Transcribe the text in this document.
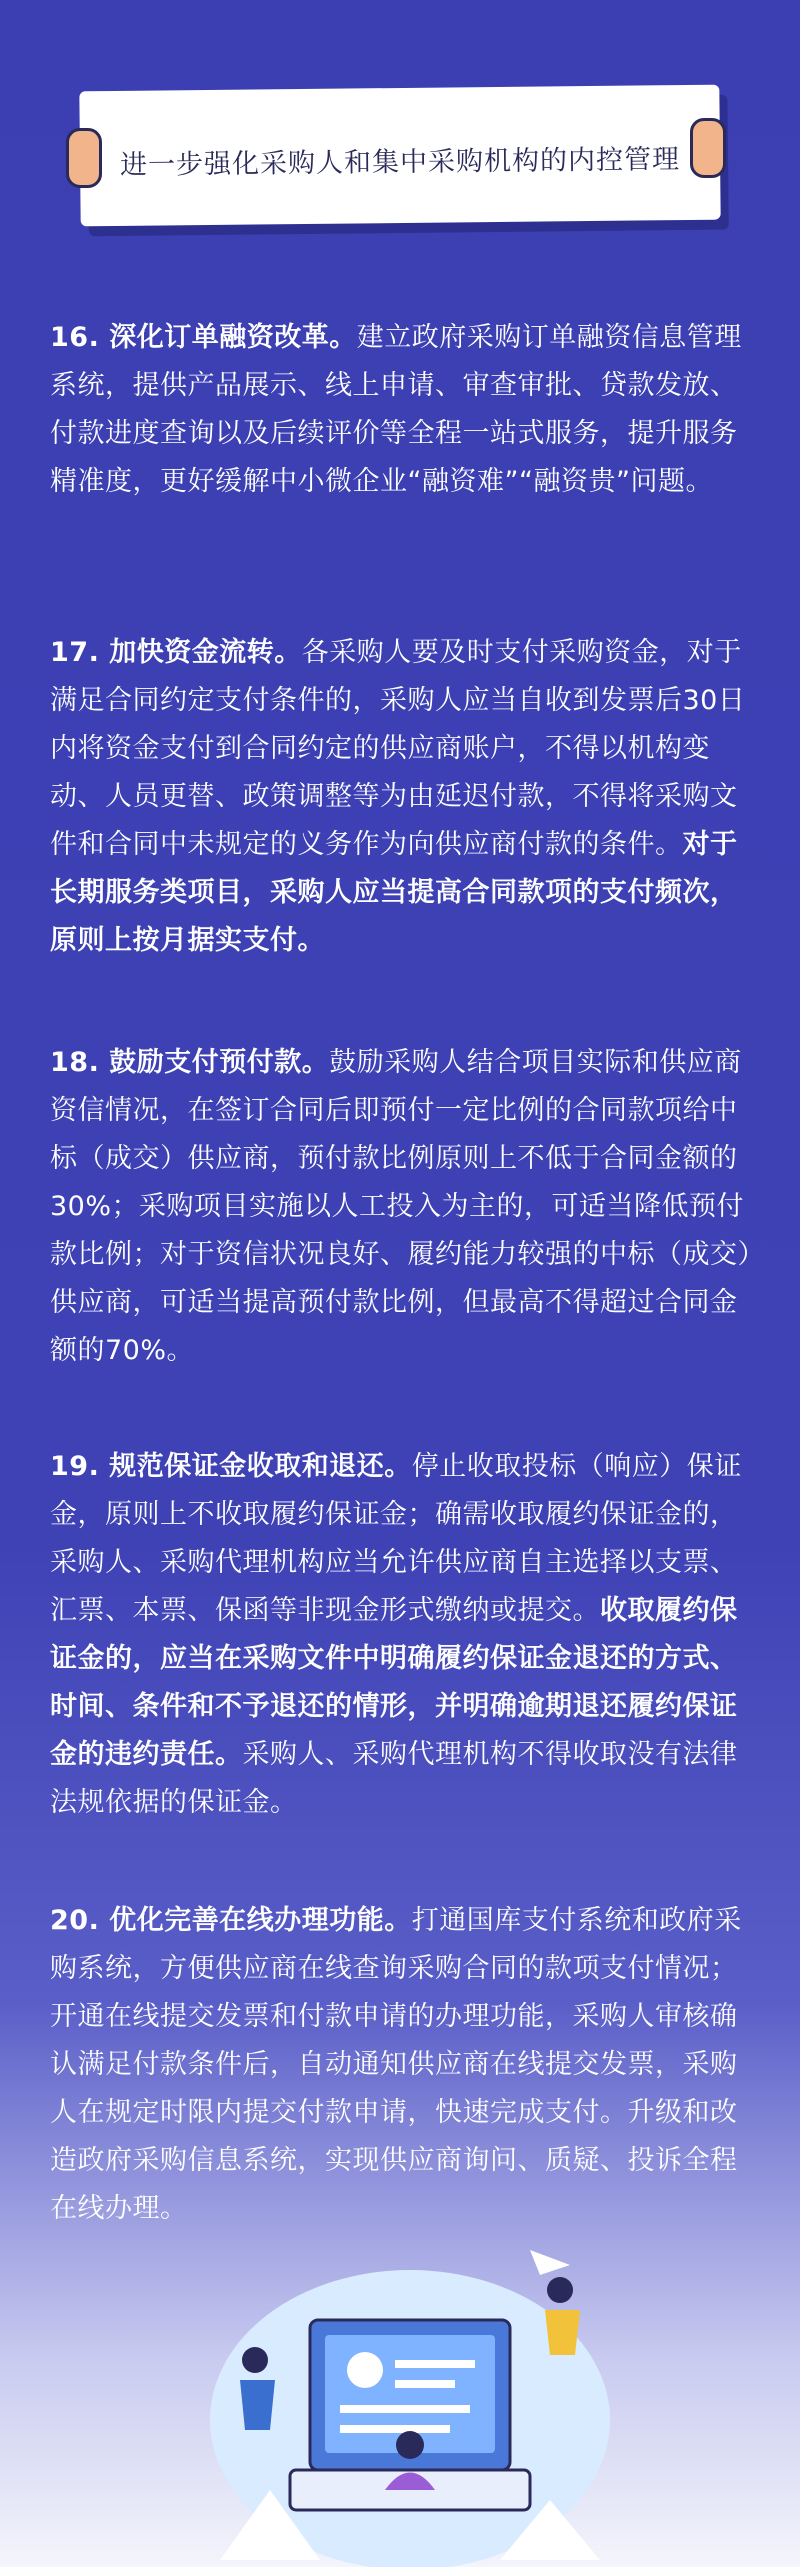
进一步强化采购人和集中采购机构的内控管理

16. 深化订单融资改革。建立政府采购订单融资信息管理系统，提供产品展示、线上申请、审查审批、贷款发放、付款进度查询以及后续评价等全程一站式服务，提升服务精准度，更好缓解中小微企业“融资难”“融资贵”问题。

17. 加快资金流转。各采购人要及时支付采购资金，对于满足合同约定支付条件的，采购人应当自收到发票后30日内将资金支付到合同约定的供应商账户，不得以机构变动、人员更替、政策调整等为由延迟付款，不得将采购文件和合同中未规定的义务作为向供应商付款的条件。对于长期服务类项目，采购人应当提高合同款项的支付频次，原则上按月据实支付。

18. 鼓励支付预付款。鼓励采购人结合项目实际和供应商资信情况，在签订合同后即预付一定比例的合同款项给中标（成交）供应商，预付款比例原则上不低于合同金额的30%；采购项目实施以人工投入为主的，可适当降低预付款比例；对于资信状况良好、履约能力较强的中标（成交）供应商，可适当提高预付款比例，但最高不得超过合同金额的70%。

19. 规范保证金收取和退还。停止收取投标（响应）保证金，原则上不收取履约保证金；确需收取履约保证金的，采购人、采购代理机构应当允许供应商自主选择以支票、汇票、本票、保函等非现金形式缴纳或提交。收取履约保证金的，应当在采购文件中明确履约保证金退还的方式、时间、条件和不予退还的情形，并明确逾期退还履约保证金的违约责任。采购人、采购代理机构不得收取没有法律法规依据的保证金。

20. 优化完善在线办理功能。打通国库支付系统和政府采购系统，方便供应商在线查询采购合同的款项支付情况；开通在线提交发票和付款申请的办理功能，采购人审核确认满足付款条件后，自动通知供应商在线提交发票，采购人在规定时限内提交付款申请，快速完成支付。升级和改造政府采购信息系统，实现供应商询问、质疑、投诉全程在线办理。
